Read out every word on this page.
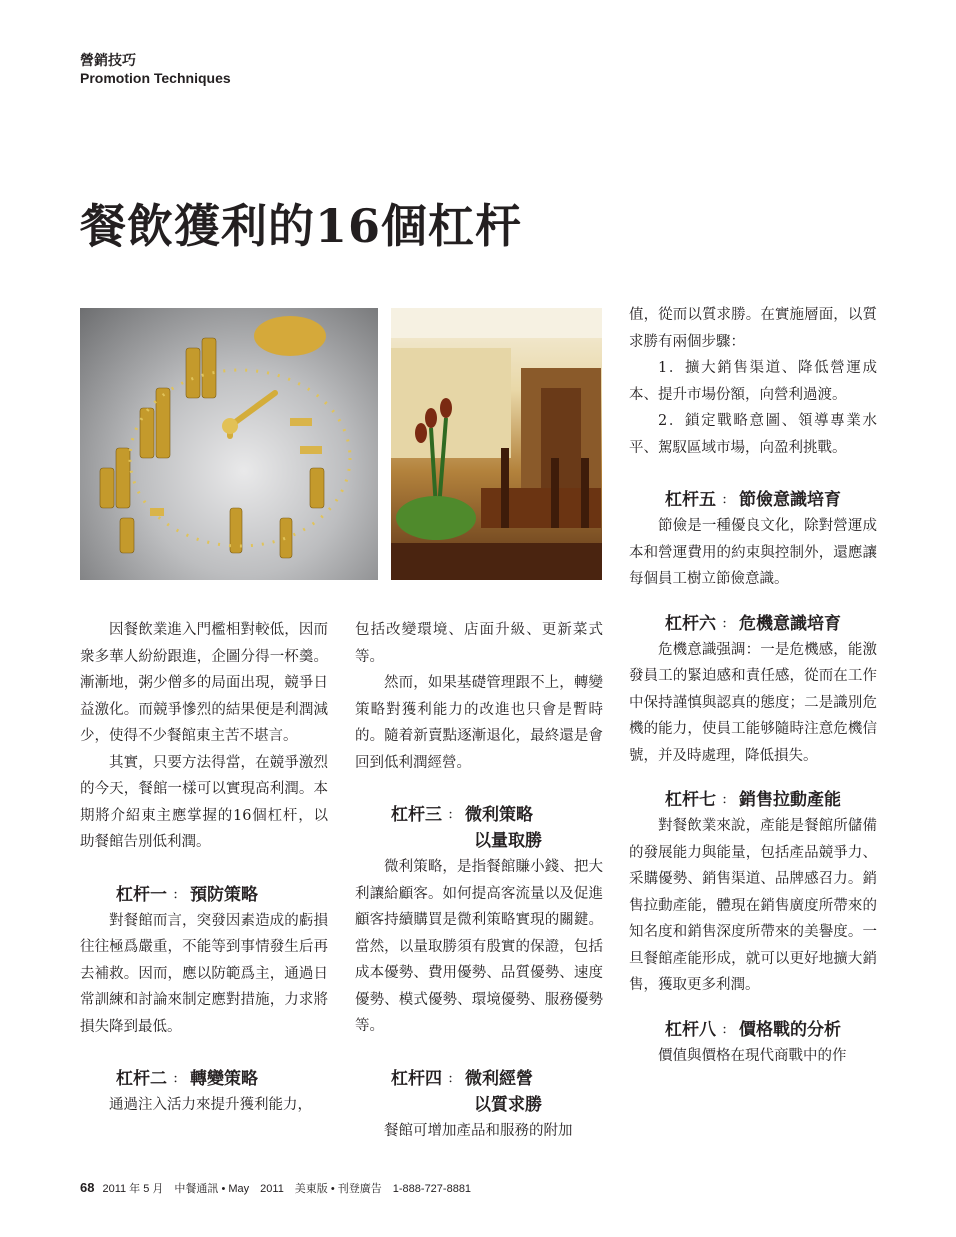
營銷技巧
Promotion Techniques
餐飲獲利的16個杠杆

因餐飲業進入門檻相對較低，因而衆多華人紛紛跟進，企圖分得一杯羹。漸漸地，粥少僧多的局面出現，競爭日益激化。而競爭慘烈的結果便是利潤減少，使得不少餐館東主苦不堪言。

其實，只要方法得當，在競爭激烈的今天，餐館一樣可以實現高利潤。本期將介紹東主應掌握的16個杠杆，以助餐館告別低利潤。

杠杆一 ： 預防策略

對餐館而言，突發因素造成的虧損往往極爲嚴重，不能等到事情發生后再去補救。因而，應以防範爲主，通過日常訓練和討論來制定應對措施，力求將損失降到最低。

杠杆二 ： 轉變策略

通過注入活力來提升獲利能力，

包括改變環境、店面升級、更新菜式等。

然而，如果基礎管理跟不上，轉變策略對獲利能力的改進也只會是暫時的。隨着新賣點逐漸退化，最終還是會回到低利潤經營。

杠杆三 ： 微利策略
以量取勝

微利策略，是指餐館賺小錢、把大利讓給顧客。如何提高客流量以及促進顧客持續購買是微利策略實現的關鍵。當然，以量取勝須有殷實的保證，包括成本優勢、費用優勢、品質優勢、速度優勢、模式優勢、環境優勢、服務優勢等。

杠杆四 ： 微利經營
以質求勝

餐館可增加產品和服務的附加

值，從而以質求勝。在實施層面，以質求勝有兩個步驟：

1．擴大銷售渠道、降低營運成本、提升市場份額，向營利過渡。

2．鎖定戰略意圖、領導專業水平、駕馭區域市場，向盈利挑戰。

杠杆五 ： 節儉意識培育

節儉是一種優良文化，除對營運成本和營運費用的約束與控制外，還應讓每個員工樹立節儉意識。

杠杆六 ： 危機意識培育

危機意識强調：一是危機感，能激發員工的緊迫感和責任感，從而在工作中保持謹慎與認真的態度；二是識別危機的能力，使員工能够隨時注意危機信號，并及時處理，降低損失。

杠杆七 ： 銷售拉動產能

對餐飲業來說，產能是餐館所儲備的發展能力與能量，包括產品競爭力、采購優勢、銷售渠道、品牌感召力。銷售拉動產能，體現在銷售廣度所帶來的知名度和銷售深度所帶來的美譽度。一旦餐館產能形成，就可以更好地擴大銷售，獲取更多利潤。

杠杆八 ： 價格戰的分析

價值與價格在現代商戰中的作

68 2011 年 5 月　中餐通訊 • May　2011　美東版 • 刊登廣告　1-888-727-8881
